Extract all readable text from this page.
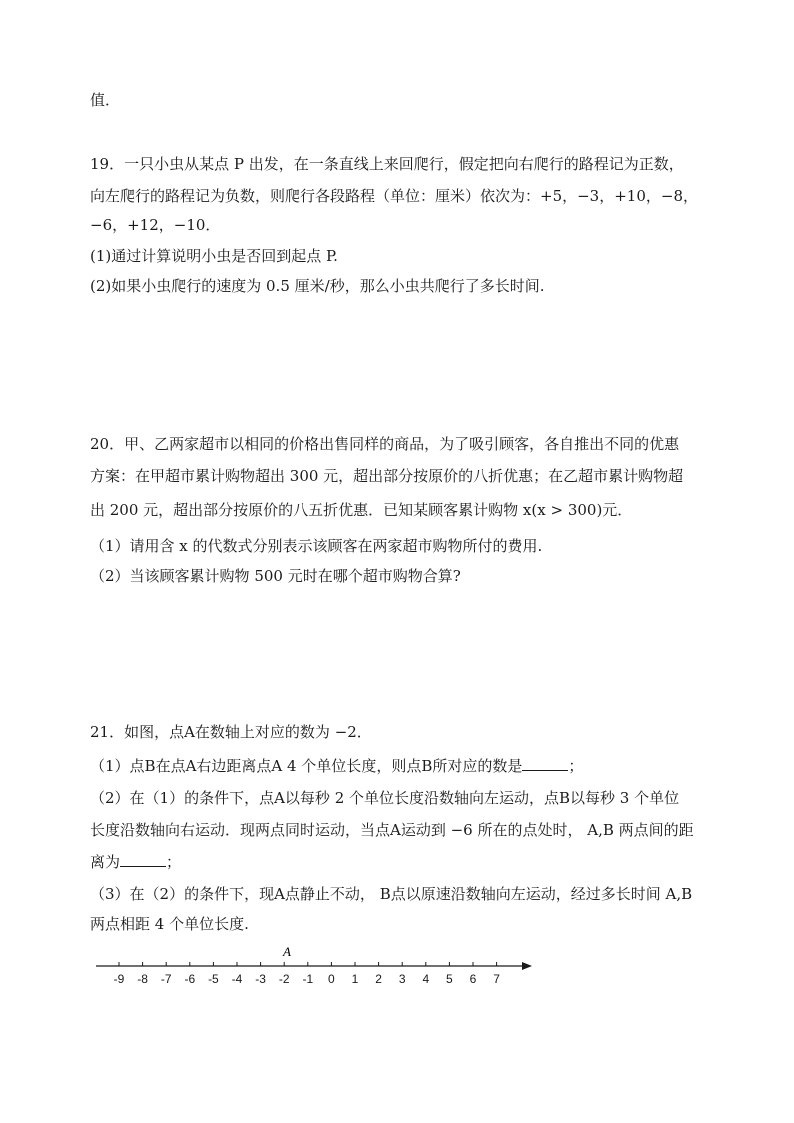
值．
19．一只小虫从某点 P 出发，在一条直线上来回爬行，假定把向右爬行的路程记为正数，
向左爬行的路程记为负数，则爬行各段路程（单位：厘米）依次为：+5，−3，+10，−8，
−6，+12，−10．
(1)通过计算说明小虫是否回到起点 P.
(2)如果小虫爬行的速度为 0.5 厘米/秒，那么小虫共爬行了多长时间.
20．甲、乙两家超市以相同的价格出售同样的商品，为了吸引顾客，各自推出不同的优惠
方案：在甲超市累计购物超出 300 元，超出部分按原价的八折优惠；在乙超市累计购物超
出 200 元，超出部分按原价的八五折优惠．已知某顾客累计购物 x(x > 300)元．
（1）请用含 x 的代数式分别表示该顾客在两家超市购物所付的费用.
（2）当该顾客累计购物 500 元时在哪个超市购物合算?
21．如图，点A在数轴上对应的数为 −2．
（1）点B在点A右边距离点A 4 个单位长度，则点B所对应的数是	；
（2）在（1）的条件下，点A以每秒 2 个单位长度沿数轴向左运动，点B以每秒 3 个单位
长度沿数轴向右运动．现两点同时运动，当点A运动到 −6 所在的点处时， A,B 两点间的距
离为	；
（3）在（2）的条件下，现A点静止不动， B点以原速沿数轴向左运动，经过多长时间 A,B
两点相距 4 个单位长度.
-9 -8 -7 -6 -5 -4 -3 -2 -1 0 1 2 3 4 5 6 7
A
